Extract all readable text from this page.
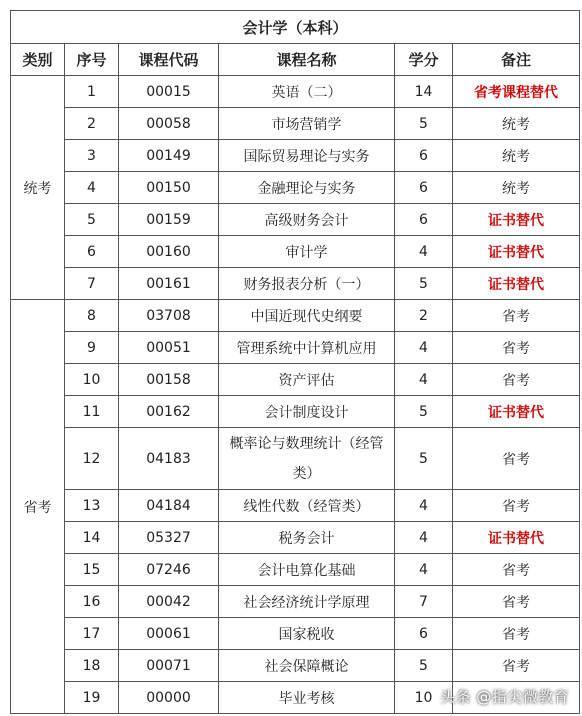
会计学（本科）					
类别	序号	课程代码	课程名称	学分	备注
统考	1	00015	英语（二）	14	省考课程替代
	2	00058	市场营销学	5	统考
	3	00149	国际贸易理论与实务	6	统考
	4	00150	金融理论与实务	6	统考
	5	00159	高级财务会计	6	证书替代
	6	00160	审计学	4	证书替代
	7	00161	财务报表分析（一）	5	证书替代
省考	8	03708	中国近现代史纲要	2	省考
	9	00051	管理系统中计算机应用	4	省考
	10	00158	资产评估	4	省考
	11	00162	会计制度设计	5	证书替代
	12	04183	概率论与数理统计（经管类）	5	省考
	13	04184	线性代数（经管类）	4	省考
	14	05327	税务会计	4	证书替代
	15	07246	会计电算化基础	4	省考
	16	00042	社会经济统计学原理	7	省考
	17	00061	国家税收	6	省考
	18	00071	社会保障概论	5	省考
	19	00000	毕业考核	10	头条 @指尖微教育
